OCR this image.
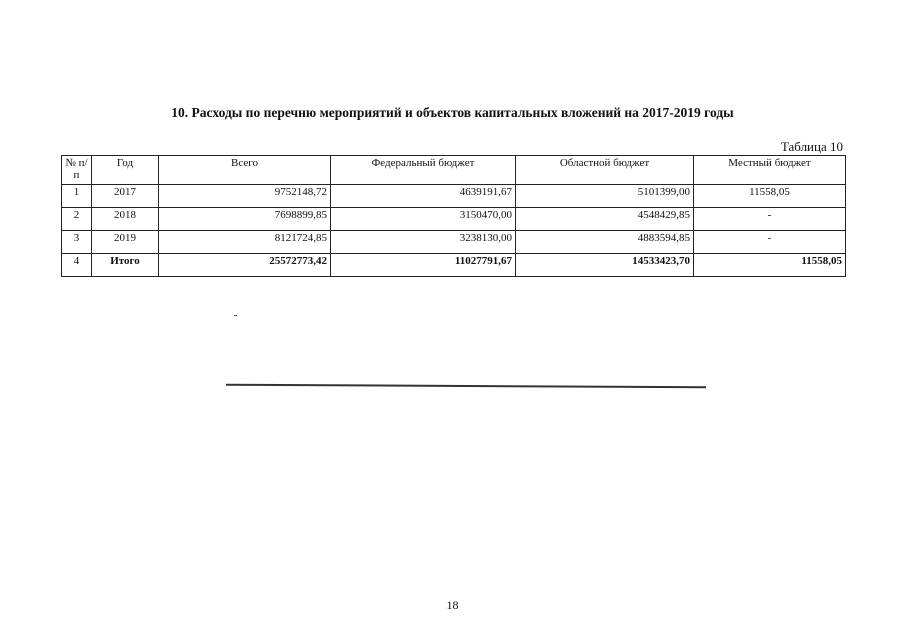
10. Расходы по перечню мероприятий и объектов капитальных вложений на 2017-2019 годы
Таблица 10
№ п/п	Год	Всего	Федеральный бюджет	Областной бюджет	Местный бюджет
1	2017	9752148,72	4639191,67	5101399,00	11558,05
2	2018	7698899,85	3150470,00	4548429,85	-
3	2019	8121724,85	3238130,00	4883594,85	-
4	Итого	25572773,42	11027791,67	14533423,70	11558,05
18
